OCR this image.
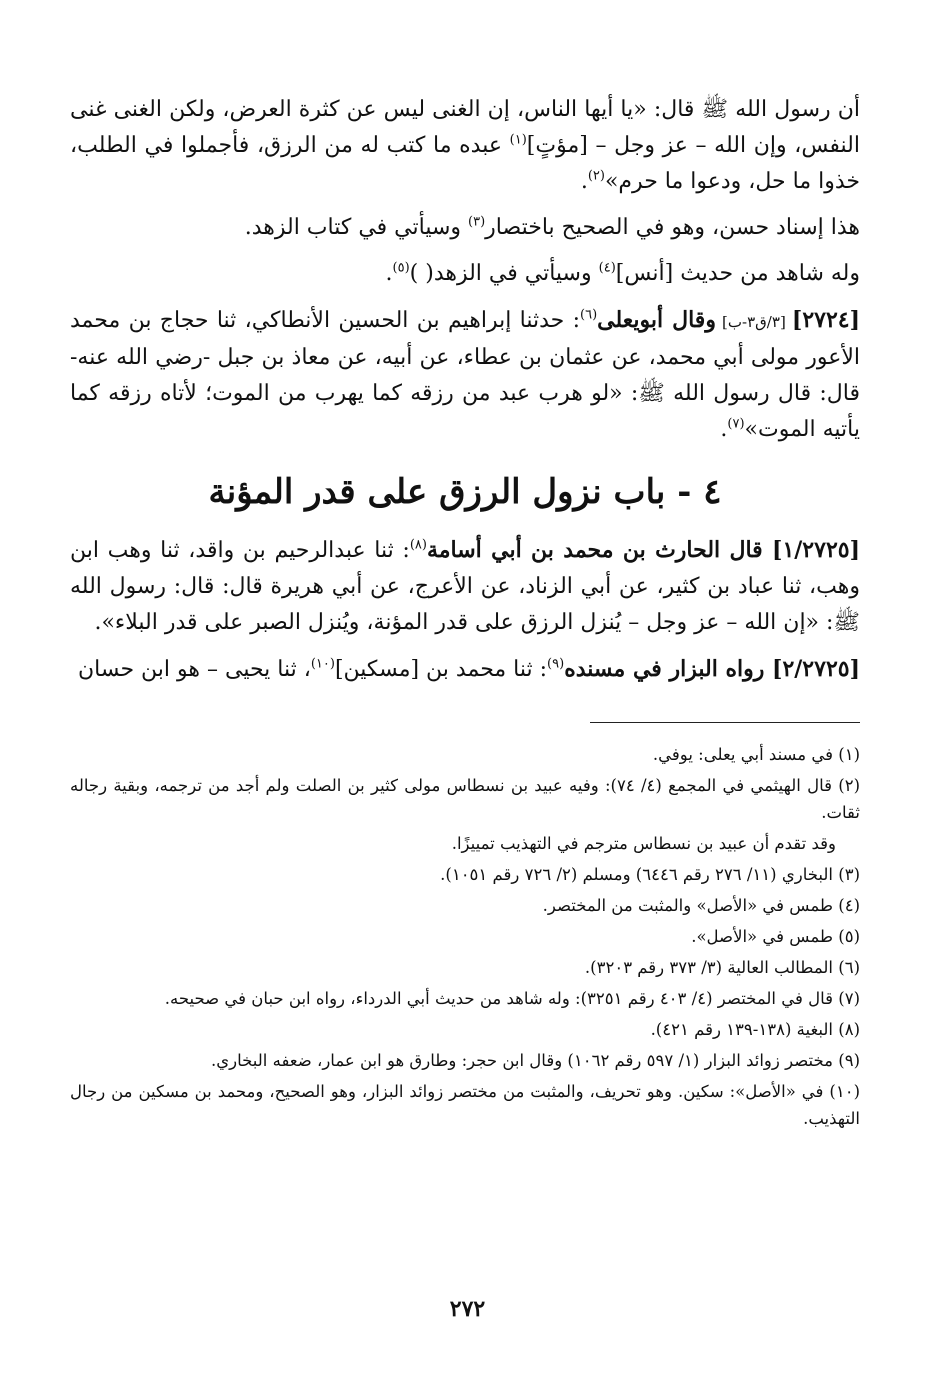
أن رسول الله ﷺ قال: «يا أيها الناس، إن الغنى ليس عن كثرة العرض، ولكن الغنى غنى النفس، وإن الله – عز وجل – [مؤتٍ]$^{(١)}$ عبده ما كتب له من الرزق، فأجملوا في الطلب، خذوا ما حل، ودعوا ما حرم»$^{(٢)}$.

هذا إسناد حسن، وهو في الصحيح باختصار$^{(٣)}$ وسيأتي في كتاب الزهد.

وله شاهد من حديث [أنس]$^{(٤)}$ وسيأتي في الزهد( )$^{(٥)}$.

[٢٧٢٤] [٣/ق٣-ب] وقال أبويعلى$^{(٦)}$: حدثنا إبراهيم بن الحسين الأنطاكي، ثنا حجاج بن محمد الأعور مولى أبي محمد، عن عثمان بن عطاء، عن أبيه، عن معاذ بن جبل -رضي الله عنه- قال: قال رسول الله ﷺ: «لو هرب عبد من رزقه كما يهرب من الموت؛ لأتاه رزقه كما يأتيه الموت»$^{(٧)}$.

٤ - باب نزول الرزق على قدر المؤنة

[١/٢٧٢٥] قال الحارث بن محمد بن أبي أسامة$^{(٨)}$: ثنا عبدالرحيم بن واقد، ثنا وهب ابن وهب، ثنا عباد بن كثير، عن أبي الزناد، عن الأعرج، عن أبي هريرة قال: قال: رسول الله ﷺ: «إن الله – عز وجل – يُنزل الرزق على قدر المؤنة، ويُنزل الصبر على قدر البلاء».

[٢/٢٧٢٥] رواه البزار في مسنده$^{(٩)}$: ثنا محمد بن [مسكين]$^{(١٠)}$، ثنا يحيى – هو ابن حسان

(١) في مسند أبي يعلى: يوفي.

(٢) قال الهيثمي في المجمع (٤/ ٧٤): وفيه عبيد بن نسطاس مولى كثير بن الصلت ولم أجد من ترجمه، وبقية رجاله ثقات.

وقد تقدم أن عبيد بن نسطاس مترجم في التهذيب تمييزًا.

(٣) البخاري (١١/ ٢٧٦ رقم ٦٤٤٦) ومسلم (٢/ ٧٢٦ رقم ١٠٥١).

(٤) طمس في «الأصل» والمثبت من المختصر.

(٥) طمس في «الأصل».

(٦) المطالب العالية (٣/ ٣٧٣ رقم ٣٢٠٣).

(٧) قال في المختصر (٤/ ٤٠٣ رقم ٣٢٥١): وله شاهد من حديث أبي الدرداء، رواه ابن حبان في صحيحه.

(٨) البغية (١٣٨-١٣٩ رقم ٤٢١).

(٩) مختصر زوائد البزار (١/ ٥٩٧ رقم ١٠٦٢) وقال ابن حجر: وطارق هو ابن عمار، ضعفه البخاري.

(١٠) في «الأصل»: سكين. وهو تحريف، والمثبت من مختصر زوائد البزار، وهو الصحيح، ومحمد بن مسكين من رجال التهذيب.

٢٧٢
